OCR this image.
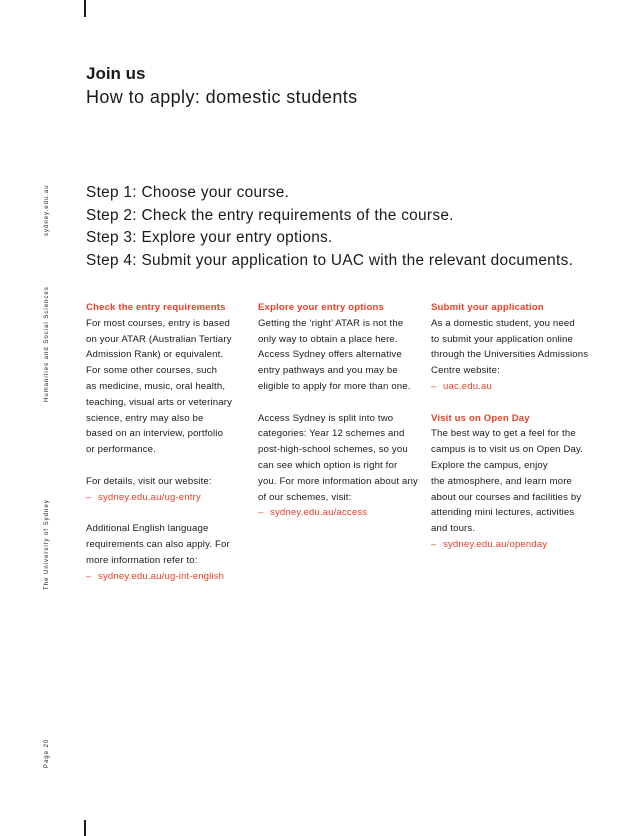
Page 20
The University of Sydney
Humanities and Social Sciences
sydney.edu.au
Join us
How to apply: domestic students
Step 1: Choose your course.
Step 2: Check the entry requirements of the course.
Step 3: Explore your entry options.
Step 4: Submit your application to UAC with the relevant documents.

Check the entry requirements

For most courses, entry is based

on your ATAR (Australian Tertiary

Admission Rank) or equivalent.

For some other courses, such

as medicine, music, oral health,

teaching, visual arts or veterinary

science, entry may also be

based on an interview, portfolio

or performance.

For details, visit our website:

– sydney.edu.au/ug-entry

Additional English language

requirements can also apply. For

more information refer to:

– sydney.edu.au/ug-int-english

Explore your entry options

Getting the ‘right’ ATAR is not the

only way to obtain a place here.

Access Sydney offers alternative

entry pathways and you may be

eligible to apply for more than one.

Access Sydney is split into two

categories: Year 12 schemes and

post-high-school schemes, so you

can see which option is right for

you. For more information about any

of our schemes, visit:

– sydney.edu.au/access

Submit your application

As a domestic student, you need

to submit your application online

through the Universities Admissions

Centre website:

– uac.edu.au

Visit us on Open Day

The best way to get a feel for the

campus is to visit us on Open Day.

Explore the campus, enjoy

the atmosphere, and learn more

about our courses and facilities by

attending mini lectures, activities

and tours.

– sydney.edu.au/openday
